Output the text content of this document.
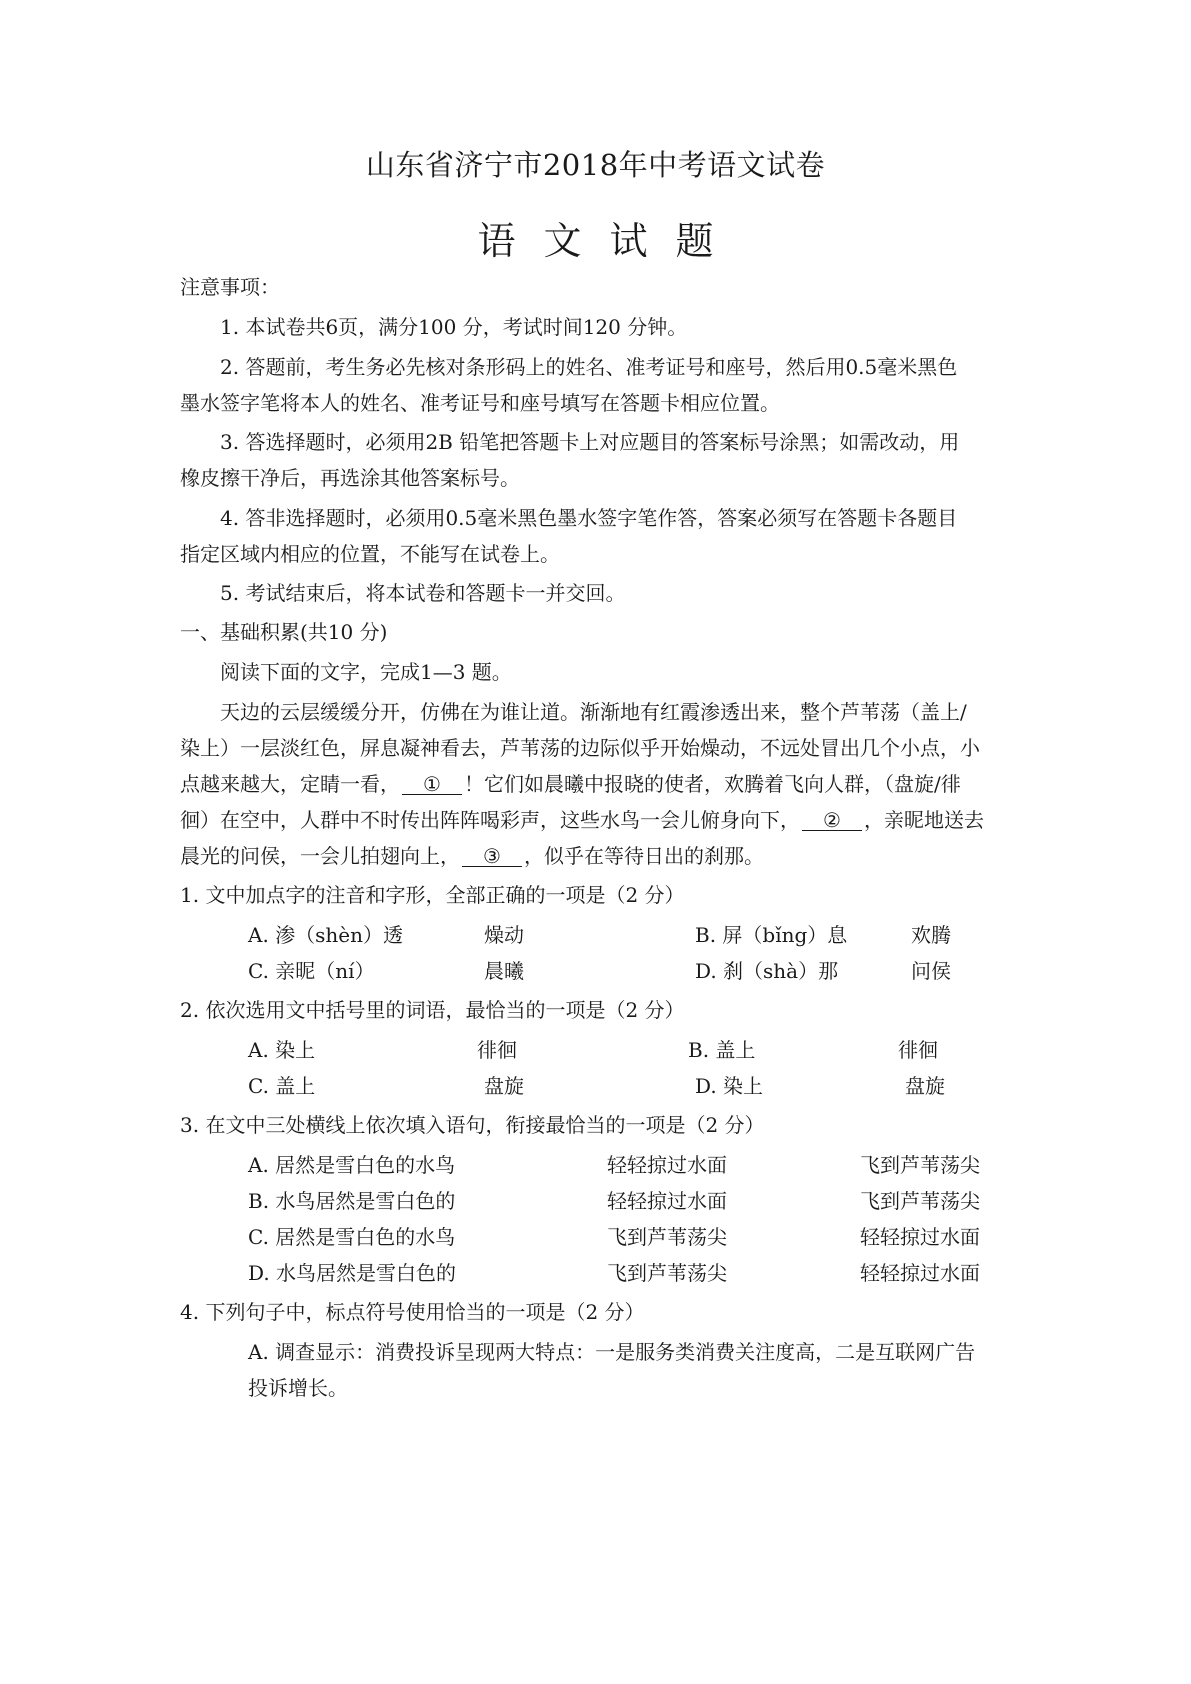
山东省济宁市2018年中考语文试卷
语文试题
注意事项：
1. 本试卷共6页，满分100 分，考试时间120 分钟。
2. 答题前，考生务必先核对条形码上的姓名、准考证号和座号，然后用0.5毫米黑色
墨水签字笔将本人的姓名、准考证号和座号填写在答题卡相应位置。
3. 答选择题时，必须用2B 铅笔把答题卡上对应题目的答案标号涂黑；如需改动，用
橡皮擦干净后，再选涂其他答案标号。
4. 答非选择题时，必须用0.5毫米黑色墨水签字笔作答，答案必须写在答题卡各题目
指定区域内相应的位置，不能写在试卷上。
5. 考试结束后，将本试卷和答题卡一并交回。
一、基础积累(共10 分)
阅读下面的文字，完成1—3 题。
天边的云层缓缓分开，仿佛在为谁让道。渐渐地有红霞渗透出来，整个芦苇荡（盖上/
染上）一层淡红色，屏息凝神看去，芦苇荡的边际似乎开始燥动，不远处冒出几个小点，小
点越来越大，定睛一看， ① ！它们如晨曦中报晓的使者，欢腾着飞向人群，（盘旋/徘
徊）在空中，人群中不时传出阵阵喝彩声，这些水鸟一会儿俯身向下， ② ，亲昵地送去
晨光的问侯，一会儿拍翅向上， ③ ，似乎在等待日出的刹那。
1. 文中加点字的注音和字形，全部正确的一项是（2 分）
A. 渗（shèn）透	燥动	B. 屏（bǐng）息	欢腾
C. 亲昵（ní）	晨曦	D. 刹（shà）那	问侯
2. 依次选用文中括号里的词语，最恰当的一项是（2 分）
A. 染上	徘徊	B. 盖上	徘徊
C. 盖上	盘旋	D. 染上	盘旋
3. 在文中三处横线上依次填入语句，衔接最恰当的一项是（2 分）
A. 居然是雪白色的水鸟	轻轻掠过水面	飞到芦苇荡尖
B. 水鸟居然是雪白色的	轻轻掠过水面	飞到芦苇荡尖
C. 居然是雪白色的水鸟	飞到芦苇荡尖	轻轻掠过水面
D. 水鸟居然是雪白色的	飞到芦苇荡尖	轻轻掠过水面
4. 下列句子中，标点符号使用恰当的一项是（2 分）
A. 调查显示：消费投诉呈现两大特点：一是服务类消费关注度高，二是互联网广告
投诉增长。
